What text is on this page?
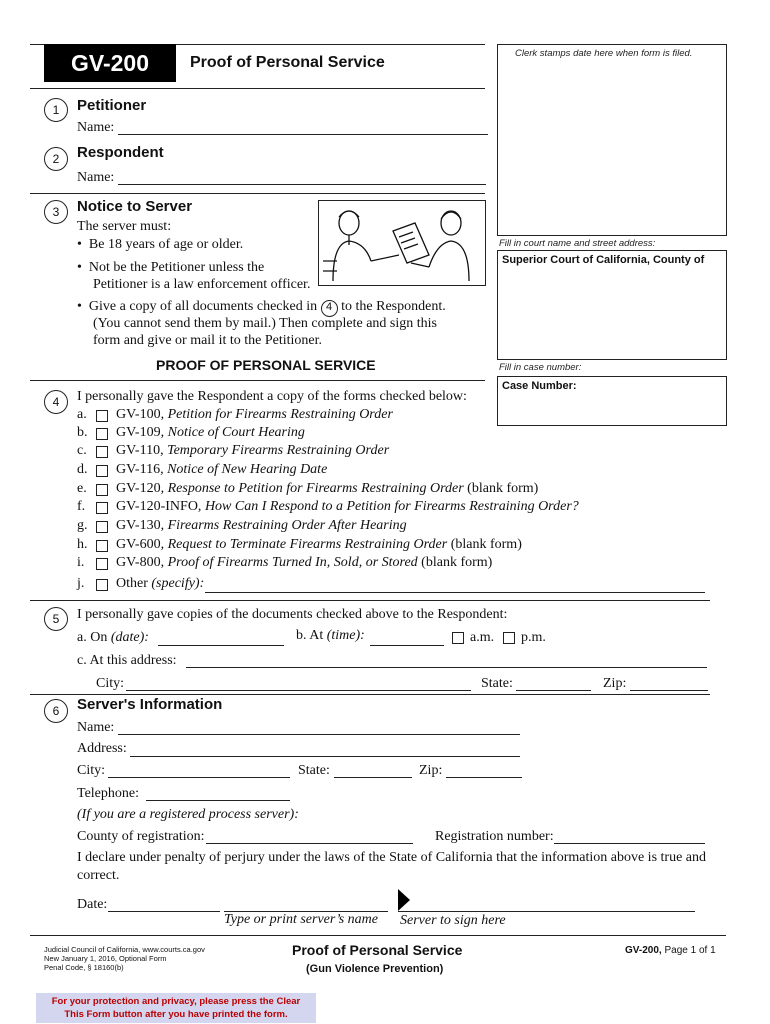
GV-200	Proof of Personal Service
Clerk stamps date here when form is filed.
Fill in court name and street address:
Superior Court of California, County of
Fill in case number:
Case Number:
1	Petitioner
Name:
2	Respondent
Name:
3	Notice to Server
The server must:
•  Be 18 years of age or older.
•  Not be the Petitioner unless the
Petitioner is a law enforcement officer.
•  Give a copy of all documents checked in 4 to the Respondent.
(You cannot send them by mail.) Then complete and sign this
form and give or mail it to the Petitioner.
PROOF OF PERSONAL SERVICE
4	I personally gave the Respondent a copy of the forms checked below:
a. GV-100, Petition for Firearms Restraining Order
b. GV-109, Notice of Court Hearing
c. GV-110, Temporary Firearms Restraining Order
d. GV-116, Notice of New Hearing Date
e. GV-120, Response to Petition for Firearms Restraining Order (blank form)
f. GV-120-INFO, How Can I Respond to a Petition for Firearms Restraining Order?
g. GV-130, Firearms Restraining Order After Hearing
h. GV-600, Request to Terminate Firearms Restraining Order (blank form)
i. GV-800, Proof of Firearms Turned In, Sold, or Stored (blank form)
j. Other (specify):
5	I personally gave copies of the documents checked above to the Respondent:
a. On (date):	b. At (time):	a.m. p.m.
c. At this address:
City:	State:	Zip:
6	Server's Information
Name:
Address:
City:	State:	Zip:
Telephone:
(If you are a registered process server):
County of registration:	Registration number:
I declare under penalty of perjury under the laws of the State of California that the information above is true and
correct.
Date:
Type or print server’s name Server to sign here
Judicial Council of California, www.courts.ca.gov
New January 1, 2016, Optional Form
Penal Code, § 18160(b)
Proof of Personal Service
(Gun Violence Prevention)
GV-200, Page 1 of 1
For your protection and privacy, please press the Clear
This Form button after you have printed the form.
